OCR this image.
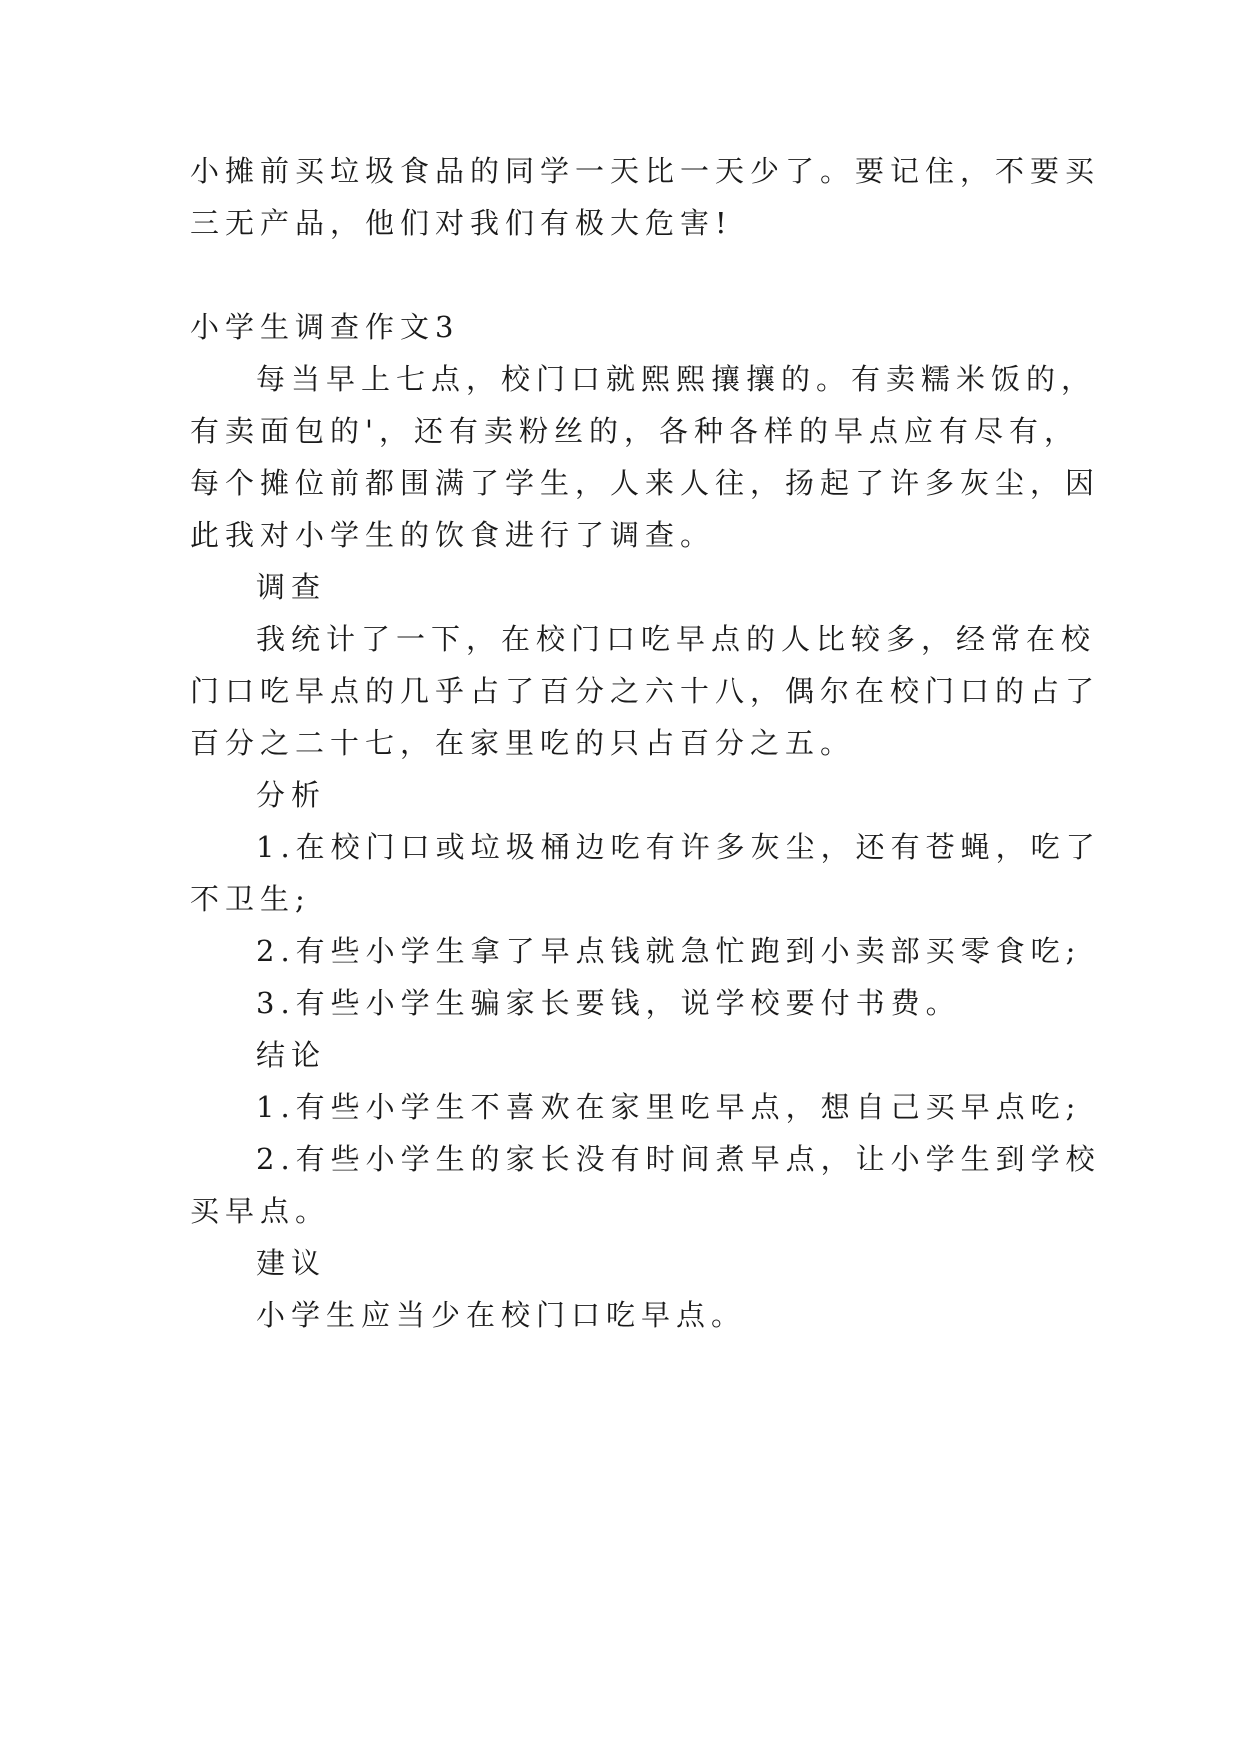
小摊前买垃圾食品的同学一天比一天少了。要记住，不要买
三无产品，他们对我们有极大危害!
小学生调查作文3
每当早上七点，校门口就熙熙攘攘的。有卖糯米饭的，
有卖面包的'，还有卖粉丝的，各种各样的早点应有尽有，
每个摊位前都围满了学生，人来人往，扬起了许多灰尘，因
此我对小学生的饮食进行了调查。
调查
我统计了一下，在校门口吃早点的人比较多，经常在校
门口吃早点的几乎占了百分之六十八，偶尔在校门口的占了
百分之二十七，在家里吃的只占百分之五。
分析
1.在校门口或垃圾桶边吃有许多灰尘，还有苍蝇，吃了
不卫生;
2.有些小学生拿了早点钱就急忙跑到小卖部买零食吃;
3.有些小学生骗家长要钱，说学校要付书费。
结论
1.有些小学生不喜欢在家里吃早点，想自己买早点吃;
2.有些小学生的家长没有时间煮早点，让小学生到学校
买早点。
建议
小学生应当少在校门口吃早点。
